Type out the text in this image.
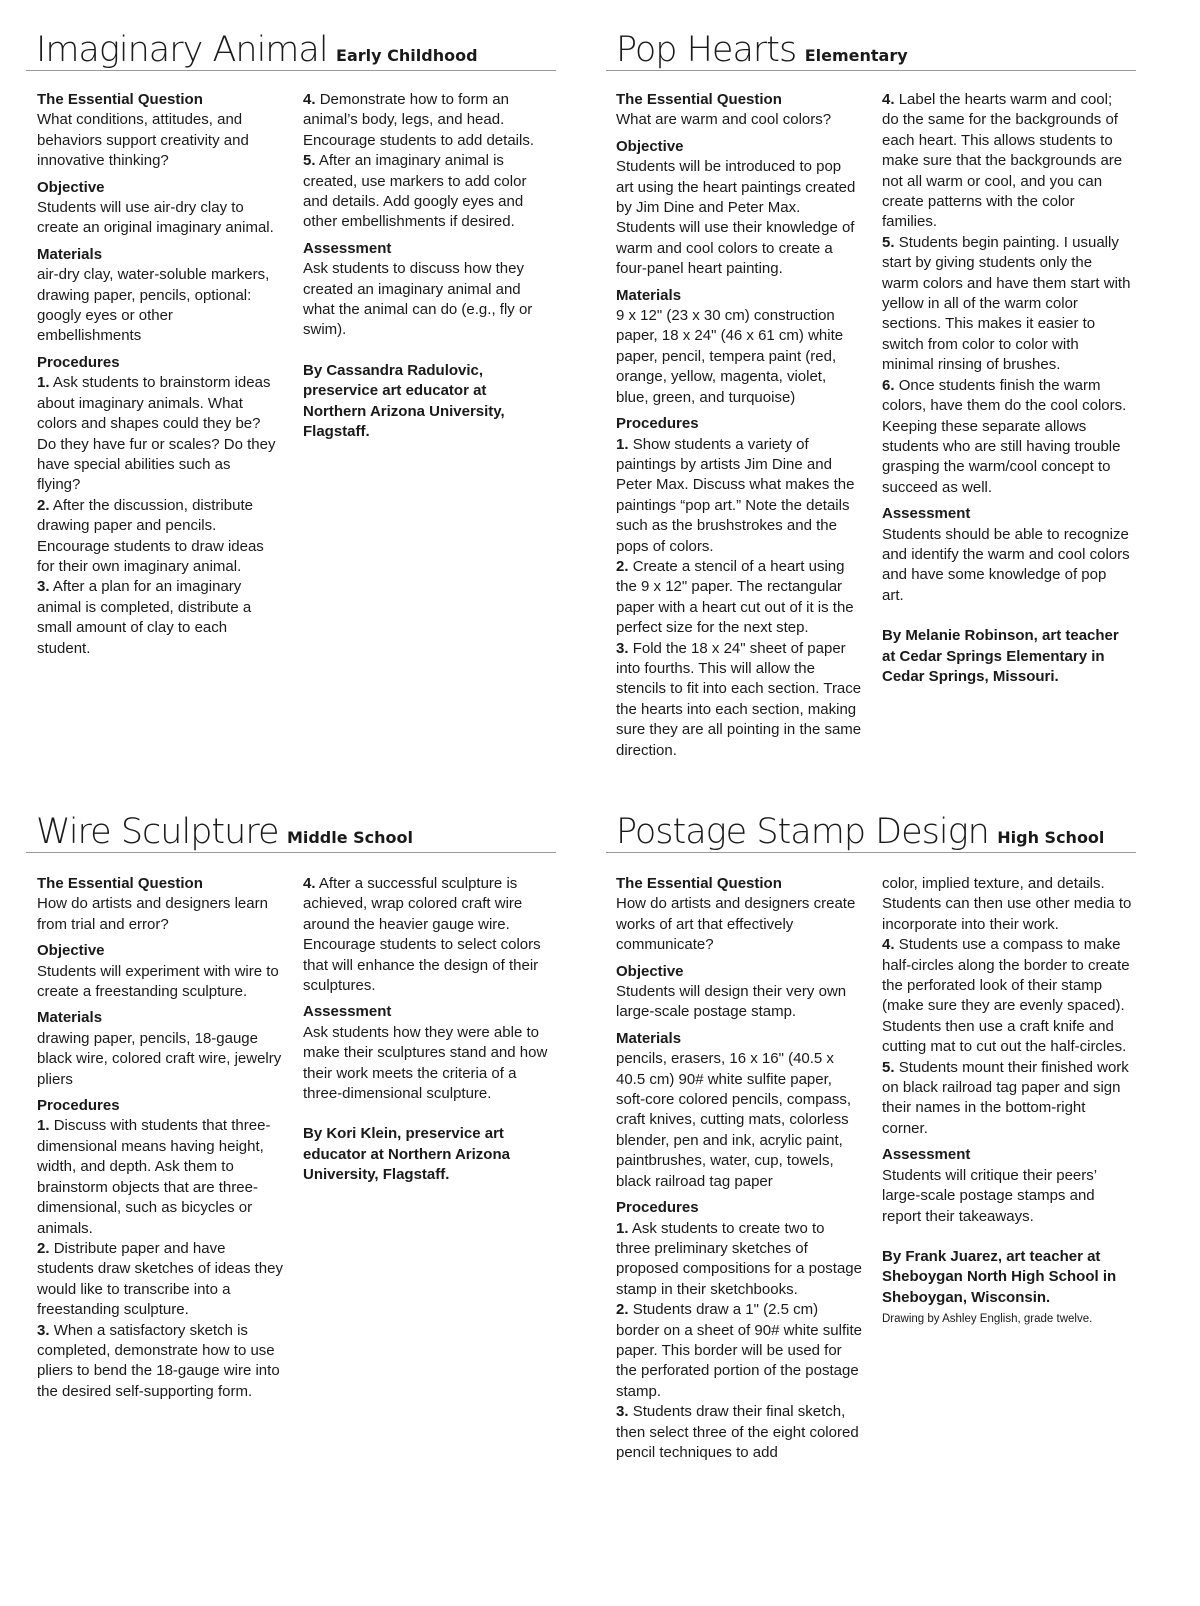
Imaginary Animal Early Childhood
The Essential Question

What conditions, attitudes, and behaviors support creativity and innovative thinking?

Objective

Students will use air-dry clay to create an original imaginary animal.

Materials

air-dry clay, water-soluble markers, drawing paper, pencils, optional: googly eyes or other embellishments

Procedures

1. Ask students to brainstorm ideas about imaginary animals. What colors and shapes could they be? Do they have fur or scales? Do they have special abilities such as flying?

2. After the discussion, distribute drawing paper and pencils. Encourage students to draw ideas for their own imaginary animal.

3. After a plan for an imaginary animal is completed, distribute a small amount of clay to each student.

4. Demonstrate how to form an animal’s body, legs, and head. Encourage students to add details.

5. After an imaginary animal is created, use markers to add color and details. Add googly eyes and other embellishments if desired.

Assessment

Ask students to discuss how they created an imaginary animal and what the animal can do (e.g., fly or swim).

By Cassandra Radulovic, preservice art educator at Northern Arizona University, Flagstaff.

Pop Hearts Elementary
The Essential Question

What are warm and cool colors?

Objective

Students will be introduced to pop art using the heart paintings created by Jim Dine and Peter Max. Students will use their knowledge of warm and cool colors to create a four-panel heart painting.

Materials

9 x 12" (23 x 30 cm) construction paper, 18 x 24" (46 x 61 cm) white paper, pencil, tempera paint (red, orange, yellow, magenta, violet, blue, green, and turquoise)

Procedures

1. Show students a variety of paintings by artists Jim Dine and Peter Max. Discuss what makes the paintings “pop art.” Note the details such as the brushstrokes and the pops of colors.

2. Create a stencil of a heart using the 9 x 12" paper. The rectangular paper with a heart cut out of it is the perfect size for the next step.

3. Fold the 18 x 24" sheet of paper into fourths. This will allow the stencils to fit into each section. Trace the hearts into each section, making sure they are all pointing in the same direction.

4. Label the hearts warm and cool; do the same for the backgrounds of each heart. This allows students to make sure that the backgrounds are not all warm or cool, and you can create patterns with the color families.

5. Students begin painting. I usually start by giving students only the warm colors and have them start with yellow in all of the warm color sections. This makes it easier to switch from color to color with minimal rinsing of brushes.

6. Once students finish the warm colors, have them do the cool colors. Keeping these separate allows students who are still having trouble grasping the warm/cool concept to succeed as well.

Assessment

Students should be able to recognize and identify the warm and cool colors and have some knowledge of pop art.

By Melanie Robinson, art teacher at Cedar Springs Elementary in Cedar Springs, Missouri.

Wire Sculpture Middle School
The Essential Question

How do artists and designers learn from trial and error?

Objective

Students will experiment with wire to create a freestanding sculpture.

Materials

drawing paper, pencils, 18-gauge black wire, colored craft wire, jewelry pliers

Procedures

1. Discuss with students that three-dimensional means having height, width, and depth. Ask them to brainstorm objects that are three-dimensional, such as bicycles or animals.

2. Distribute paper and have students draw sketches of ideas they would like to transcribe into a freestanding sculpture.

3. When a satisfactory sketch is completed, demonstrate how to use pliers to bend the 18-gauge wire into the desired self-supporting form.

4. After a successful sculpture is achieved, wrap colored craft wire around the heavier gauge wire. Encourage students to select colors that will enhance the design of their sculptures.

Assessment

Ask students how they were able to make their sculptures stand and how their work meets the criteria of a three-dimensional sculpture.

By Kori Klein, preservice art educator at Northern Arizona University, Flagstaff.

Postage Stamp Design High School
The Essential Question

How do artists and designers create works of art that effectively communicate?

Objective

Students will design their very own large-scale postage stamp.

Materials

pencils, erasers, 16 x 16" (40.5 x 40.5 cm) 90# white sulfite paper, soft-core colored pencils, compass, craft knives, cutting mats, colorless blender, pen and ink, acrylic paint, paintbrushes, water, cup, towels, black railroad tag paper

Procedures

1. Ask students to create two to three preliminary sketches of proposed compositions for a postage stamp in their sketchbooks.

2. Students draw a 1" (2.5 cm) border on a sheet of 90# white sulfite paper. This border will be used for the perforated portion of the postage stamp.

3. Students draw their final sketch, then select three of the eight colored pencil techniques to add

color, implied texture, and details. Students can then use other media to incorporate into their work.

4. Students use a compass to make half-circles along the border to create the perforated look of their stamp (make sure they are evenly spaced). Students then use a craft knife and cutting mat to cut out the half-circles.

5. Students mount their finished work on black railroad tag paper and sign their names in the bottom-right corner.

Assessment

Students will critique their peers’ large-scale postage stamps and report their takeaways.

By Frank Juarez, art teacher at Sheboygan North High School in Sheboygan, Wisconsin.

Drawing by Ashley English, grade twelve.
